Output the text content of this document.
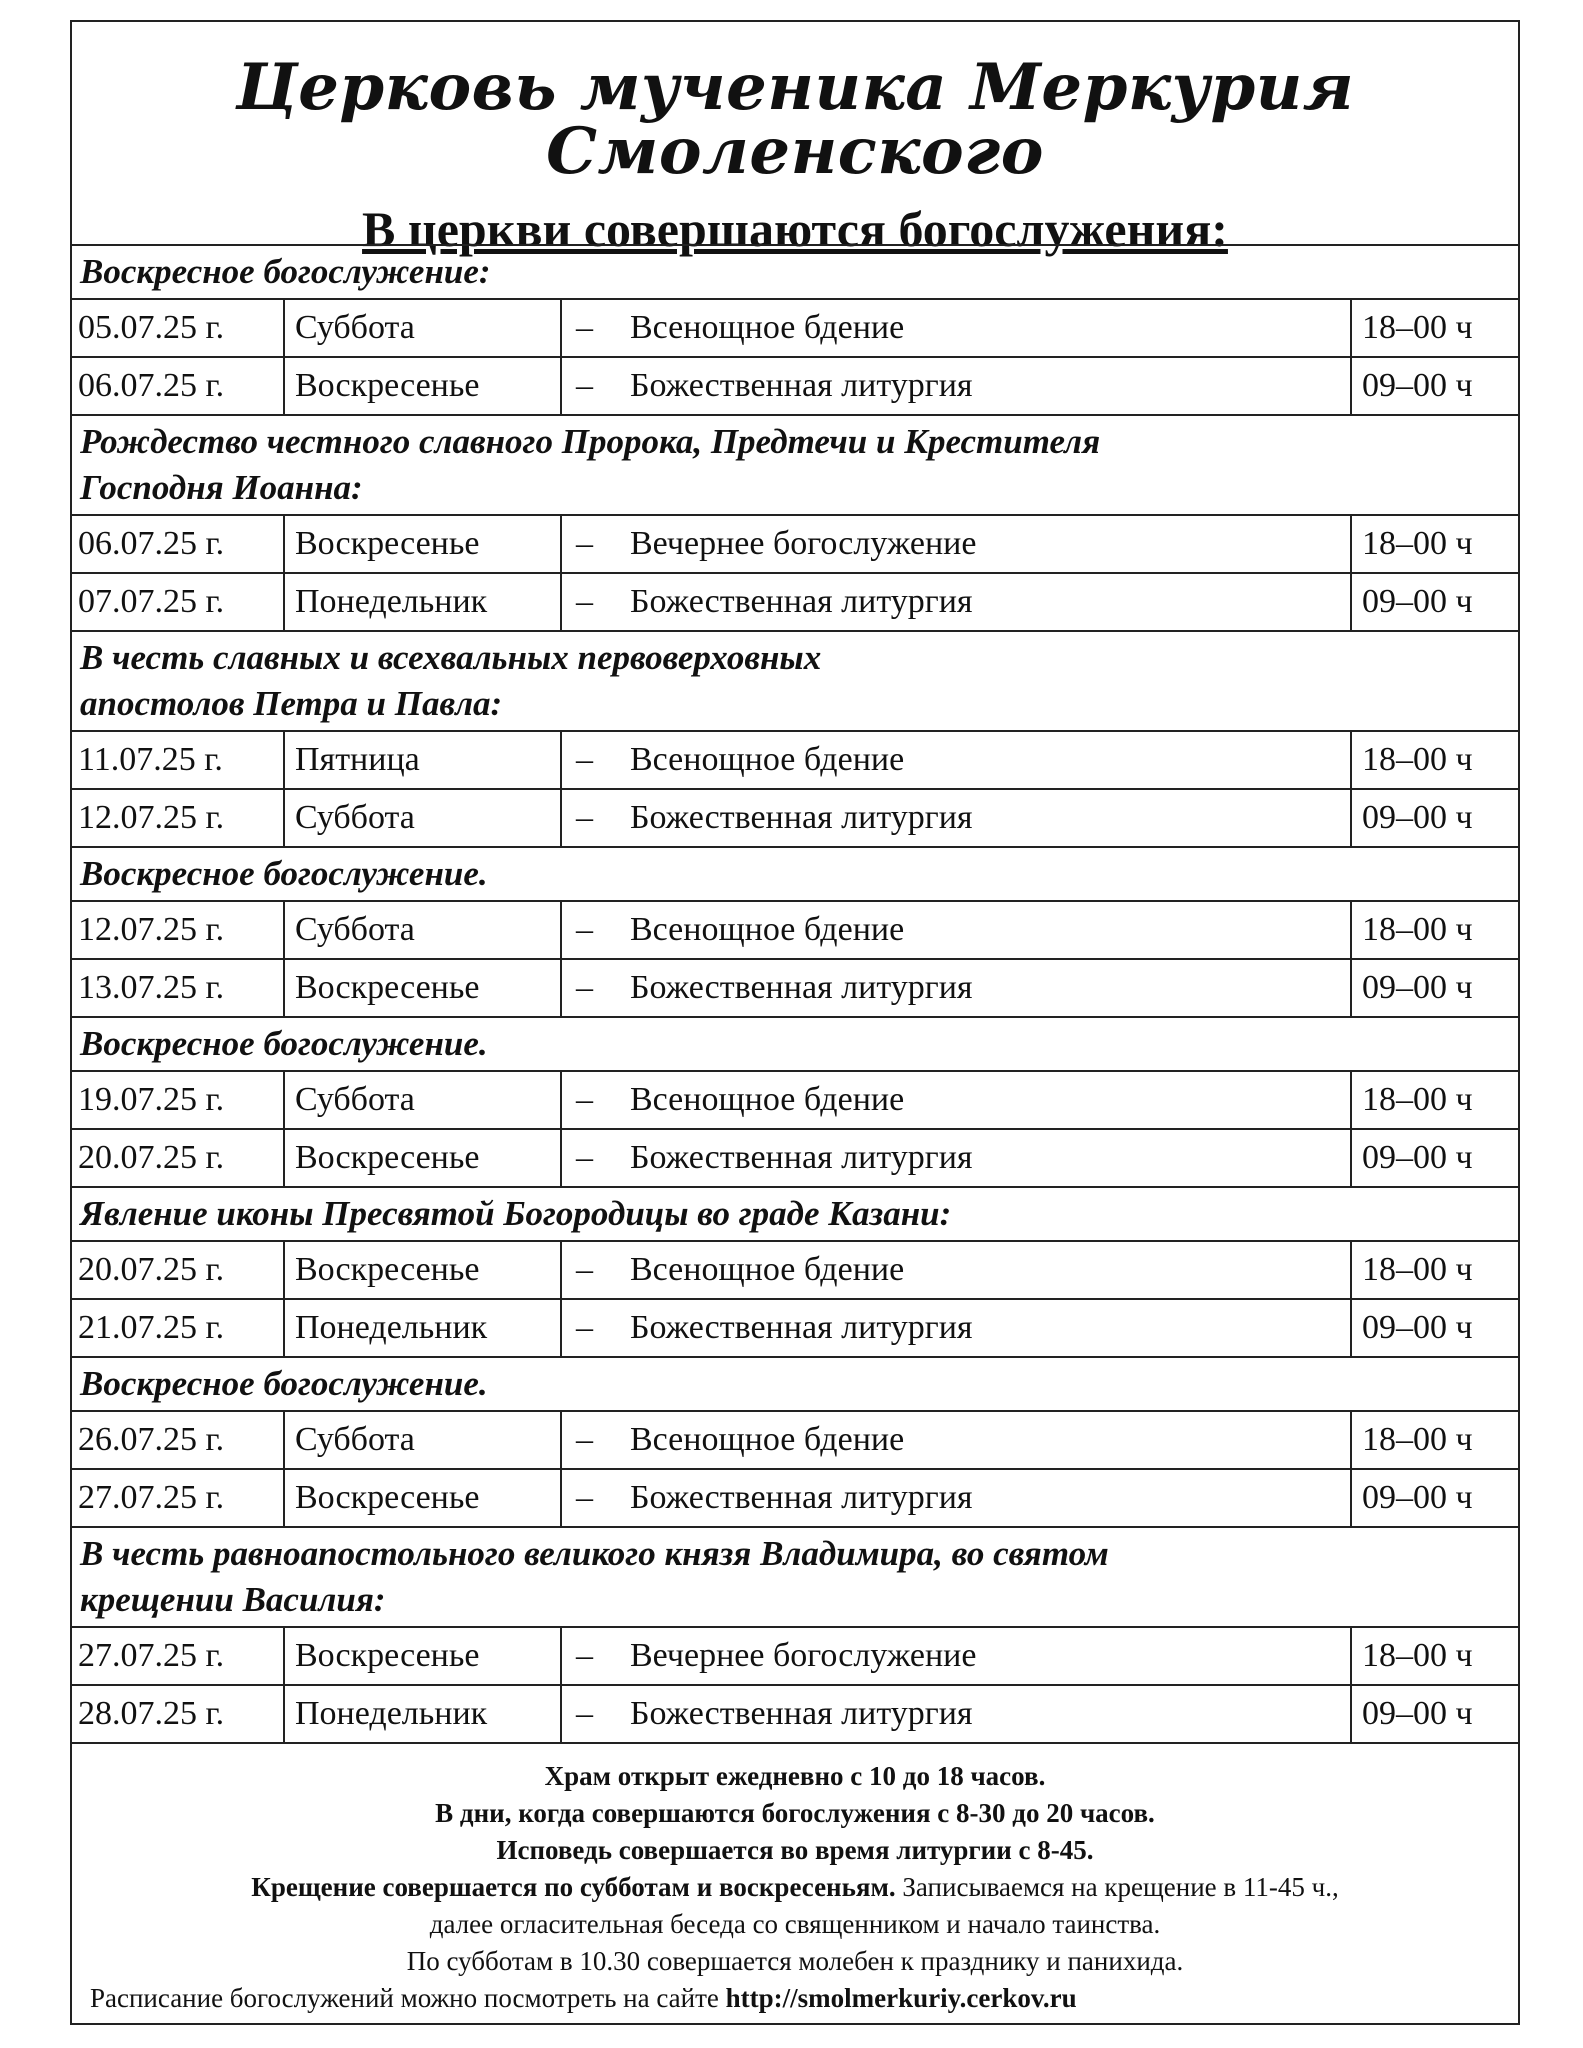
Церковь мученика Меркурия Смоленского
В церкви совершаются богослужения:
Воскресное богослужение:
05.07.25 г.	Суббота	–	Всенощное бдение	18–00 ч
06.07.25 г.	Воскресенье	–	Божественная литургия	09–00 ч
Рождество честного славного Пророка, Предтечи и Крестителя
Господня Иоанна:
06.07.25 г.	Воскресенье	–	Вечернее богослужение	18–00 ч
07.07.25 г.	Понедельник	–	Божественная литургия	09–00 ч
В честь славных и всехвальных первоверховных
апостолов Петра и Павла:
11.07.25 г.	Пятница	–	Всенощное бдение	18–00 ч
12.07.25 г.	Суббота	–	Божественная литургия	09–00 ч
Воскресное богослужение.
12.07.25 г.	Суббота	–	Всенощное бдение	18–00 ч
13.07.25 г.	Воскресенье	–	Божественная литургия	09–00 ч
Воскресное богослужение.
19.07.25 г.	Суббота	–	Всенощное бдение	18–00 ч
20.07.25 г.	Воскресенье	–	Божественная литургия	09–00 ч
Явление иконы Пресвятой Богородицы во граде Казани:
20.07.25 г.	Воскресенье	–	Всенощное бдение	18–00 ч
21.07.25 г.	Понедельник	–	Божественная литургия	09–00 ч
Воскресное богослужение.
26.07.25 г.	Суббота	–	Всенощное бдение	18–00 ч
27.07.25 г.	Воскресенье	–	Божественная литургия	09–00 ч
В честь равноапостольного великого князя Владимира, во святом
крещении Василия:
27.07.25 г.	Воскресенье	–	Вечернее богослужение	18–00 ч
28.07.25 г.	Понедельник	–	Божественная литургия	09–00 ч
Храм открыт ежедневно с 10 до 18 часов.
В дни, когда совершаются богослужения с 8-30 до 20 часов.
Исповедь совершается во время литургии с 8-45.
Крещение совершается по субботам и воскресеньям. Записываемся на крещение в 11-45 ч.,
далее огласительная беседа со священником и начало таинства.
По субботам в 10.30 совершается молебен к празднику и панихида.
Расписание богослужений можно посмотреть на сайте http://smolmerkuriy.cerkov.ru
